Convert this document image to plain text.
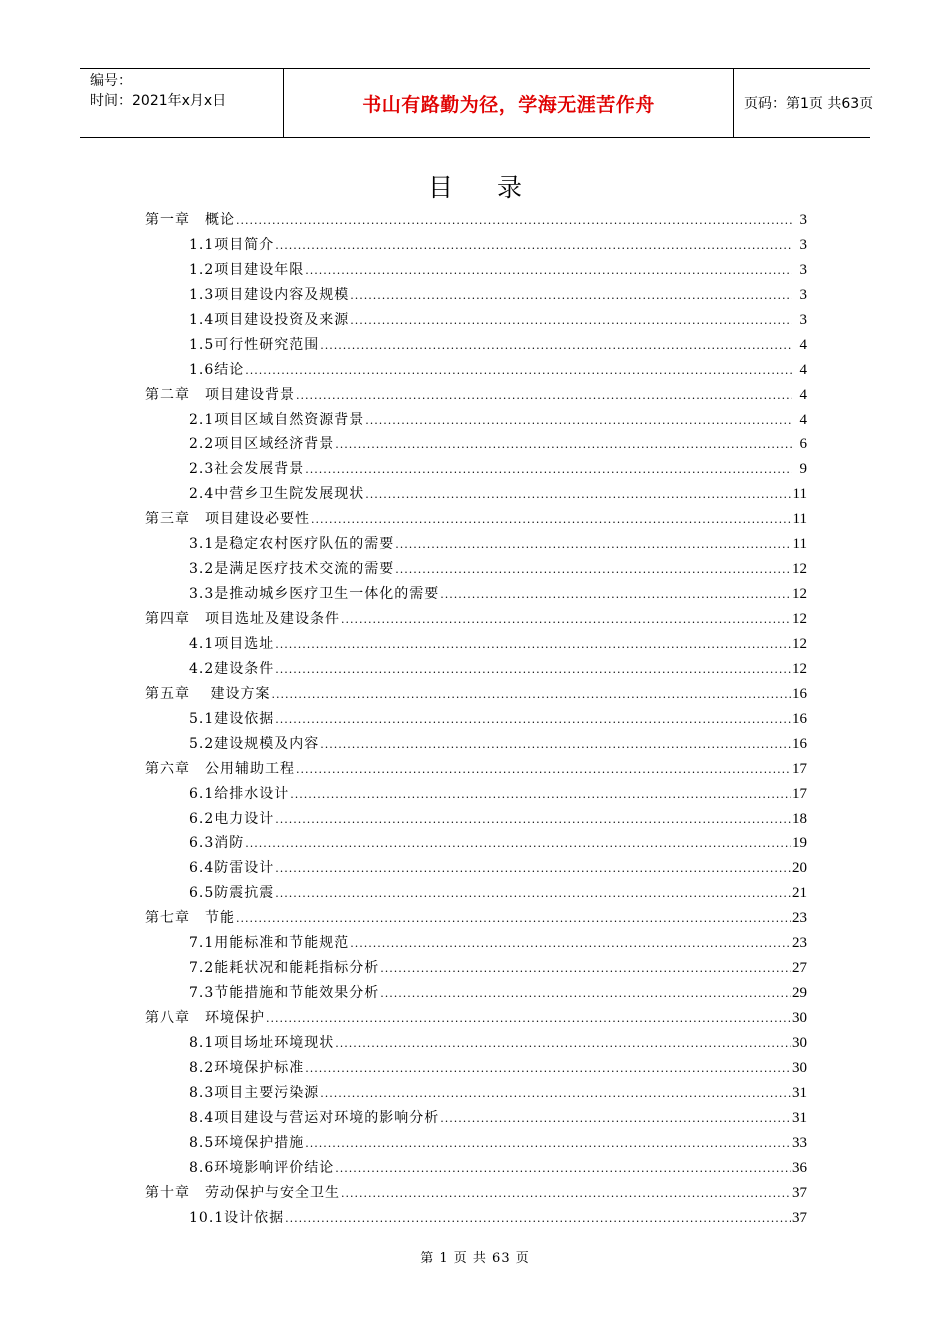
编号：
时间：2021年x月x日	书山有路勤为径，学海无涯苦作舟	页码：第1页 共63页
目录
第一章　概论 .....	3
1.1项目简介 .....	3
1.2项目建设年限 .....	3
1.3项目建设内容及规模 .....	3
1.4项目建设投资及来源 .....	3
1.5可行性研究范围 .....	4
1.6结论 .....	4
第二章　项目建设背景 .....	4
2.1项目区域自然资源背景 .....	4
2.2项目区域经济背景 .....	6
2.3社会发展背景 .....	9
2.4中营乡卫生院发展现状 .....	11
第三章　项目建设必要性 .....	11
3.1是稳定农村医疗队伍的需要 .....	11
3.2是满足医疗技术交流的需要 .....	12
3.3是推动城乡医疗卫生一体化的需要 .....	12
第四章　项目选址及建设条件 .....	12
4.1项目选址 .....	12
4.2建设条件 .....	12
第五章　 建设方案 .....	16
5.1建设依据 .....	16
5.2建设规模及内容 .....	16
第六章　公用辅助工程 .....	17
6.1给排水设计 .....	17
6.2电力设计 .....	18
6.3消防 .....	19
6.4防雷设计 .....	20
6.5防震抗震 .....	21
第七章　节能 .....	23
7.1用能标准和节能规范 .....	23
7.2能耗状况和能耗指标分析 .....	27
7.3节能措施和节能效果分析 .....	29
第八章　环境保护 .....	30
8.1项目场址环境现状 .....	30
8.2环境保护标准 .....	30
8.3项目主要污染源 .....	31
8.4项目建设与营运对环境的影响分析 .....	31
8.5环境保护措施 .....	33
8.6环境影响评价结论 .....	36
第十章　劳动保护与安全卫生 .....	37
10.1设计依据 .....	37
第 1 页 共 63 页
